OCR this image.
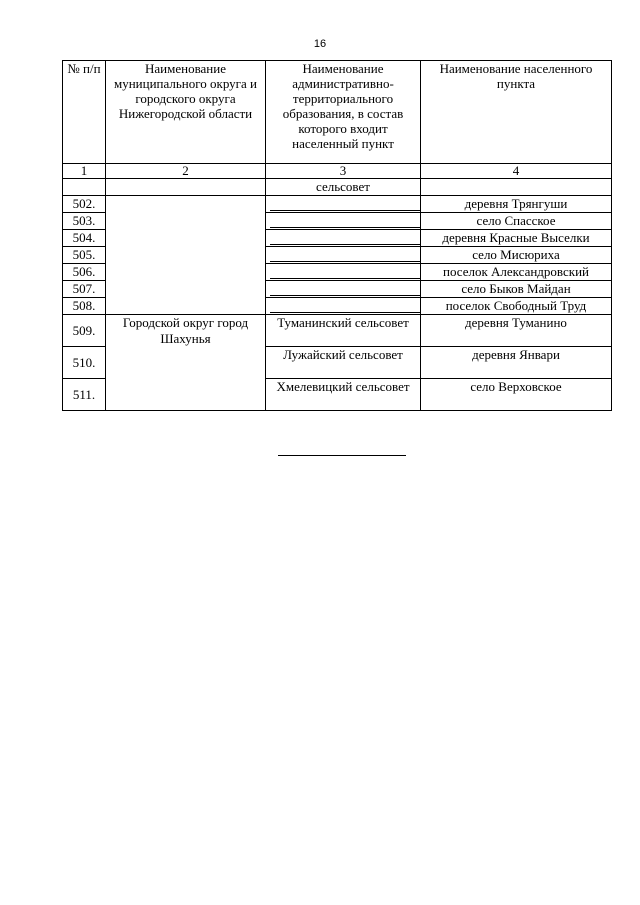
16
№ п/п	Наименование муниципального округа и городского округа Нижегородской области	Наименование административно-территориального образования, в состав которого входит населенный пункт	Наименование населенного пункта
1	2	3	4
		сельсовет	
502.			деревня Трянгуши
503.			село Спасское
504.			деревня Красные Выселки
505.			село Мисюриха
506.			поселок Александровский
507.			село Быков Майдан
508.			поселок Свободный Труд
509.	Городской округ город Шахунья	Туманинский сельсовет	деревня Туманино
510.		Лужайский сельсовет	деревня Январи
511.		Хмелевицкий сельсовет	село Верховское
